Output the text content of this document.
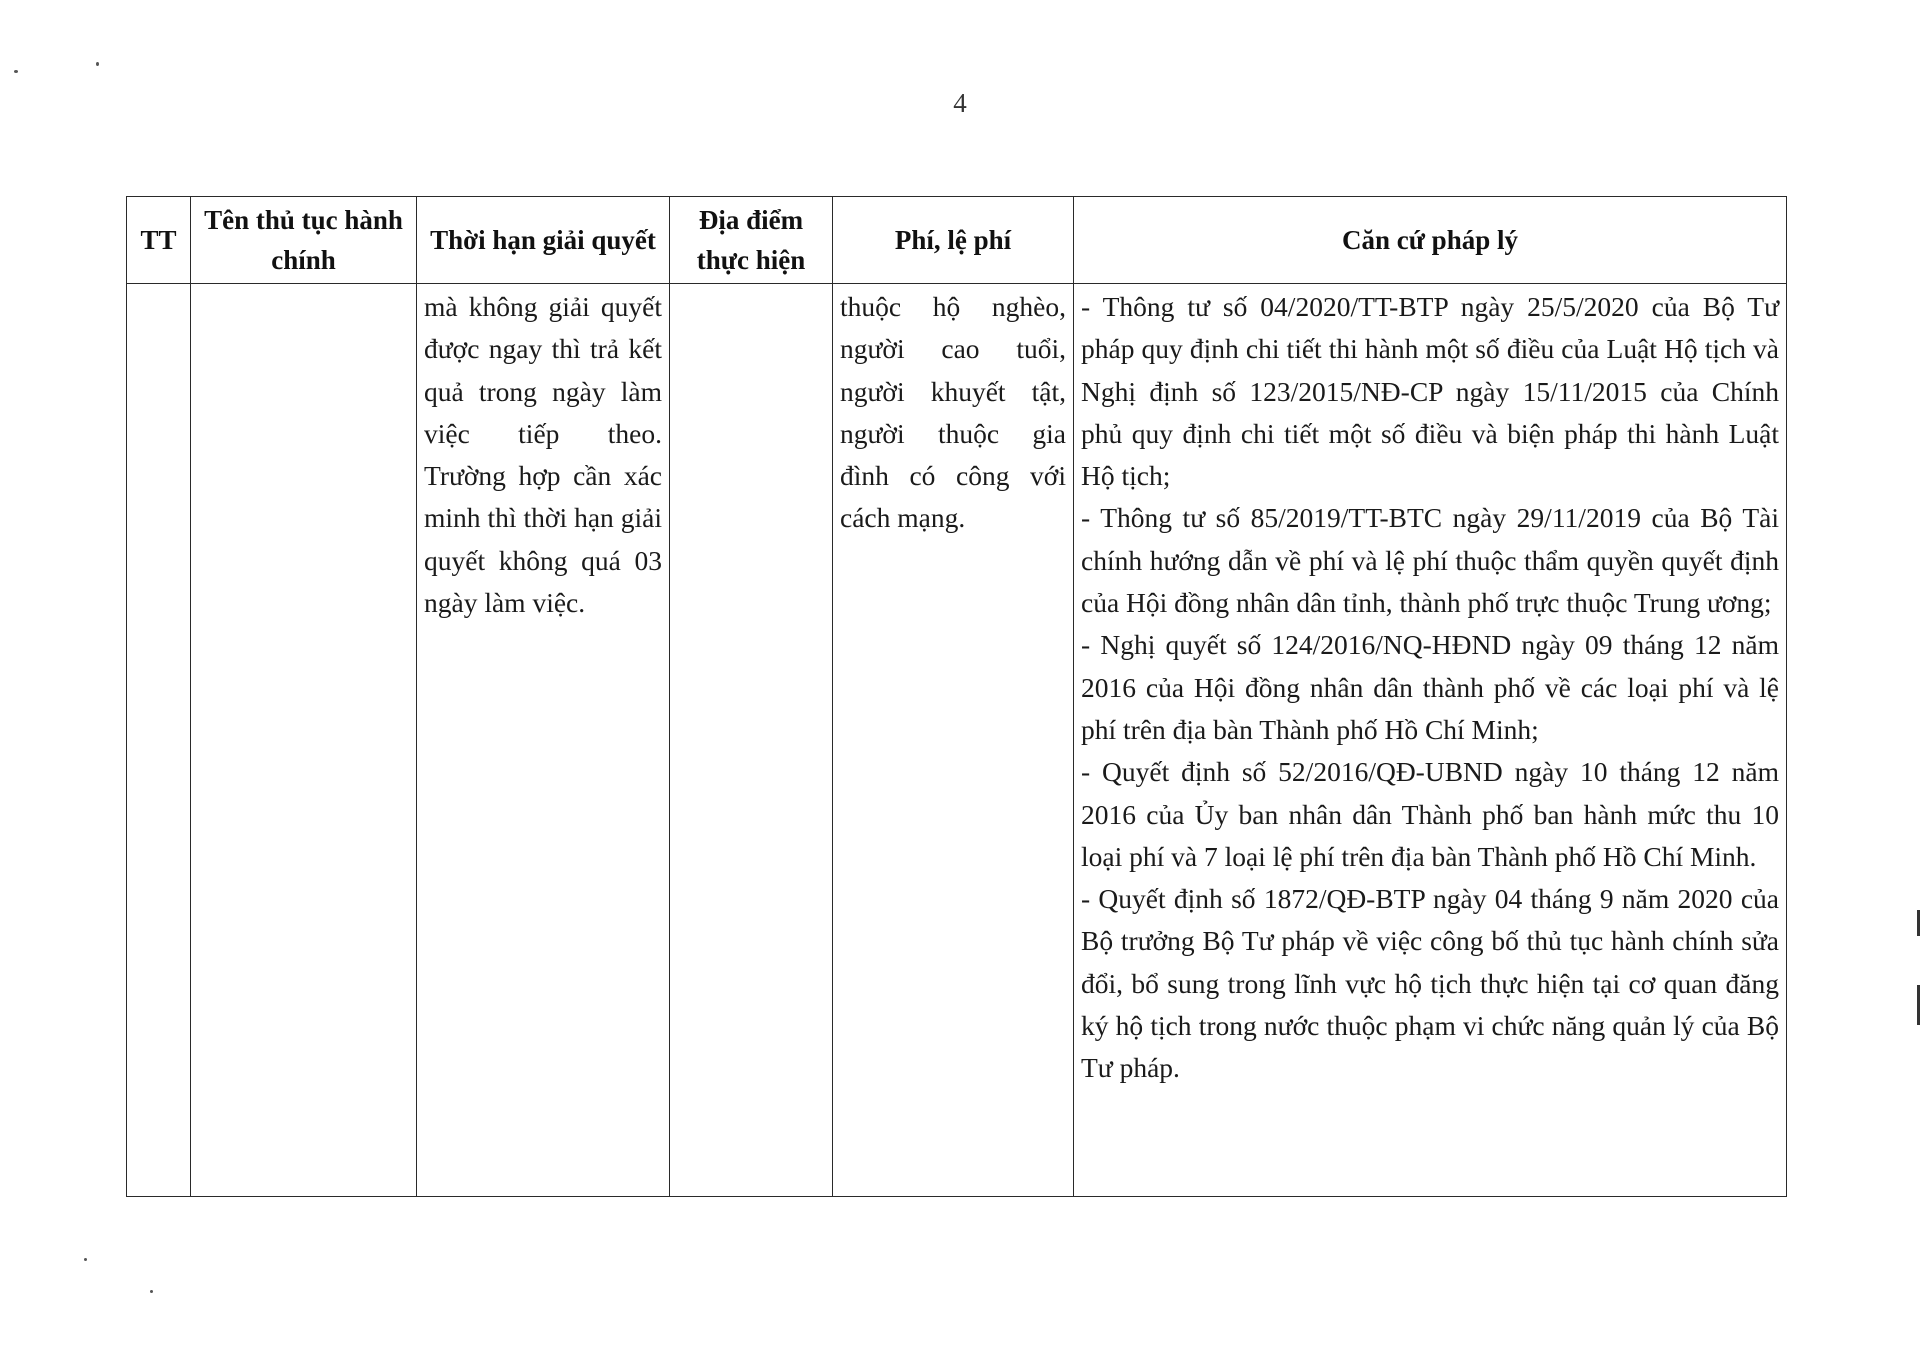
4
TT	Tên thủ tục hành chính	Thời hạn giải quyết	Địa điểm thực hiện	Phí, lệ phí	Căn cứ pháp lý
		mà không giải quyết được ngay thì trả kết quả trong ngày làm việc tiếp theo. Trường hợp cần xác minh thì thời hạn giải quyết không quá 03 ngày làm việc.		thuộc hộ nghèo, người cao tuổi, người khuyết tật, người thuộc gia đình có công với cách mạng.	- Thông tư số 04/2020/TT-BTP ngày 25/5/2020 của Bộ Tư pháp quy định chi tiết thi hành một số điều của Luật Hộ tịch và Nghị định số 123/2015/NĐ-CP ngày 15/11/2015 của Chính phủ quy định chi tiết một số điều và biện pháp thi hành Luật Hộ tịch;
- Thông tư số 85/2019/TT-BTC ngày 29/11/2019 của Bộ Tài chính hướng dẫn về phí và lệ phí thuộc thẩm quyền quyết định của Hội đồng nhân dân tỉnh, thành phố trực thuộc Trung ương;
- Nghị quyết số 124/2016/NQ-HĐND ngày 09 tháng 12 năm 2016 của Hội đồng nhân dân thành phố về các loại phí và lệ phí trên địa bàn Thành phố Hồ Chí Minh;
- Quyết định số 52/2016/QĐ-UBND ngày 10 tháng 12 năm 2016 của Ủy ban nhân dân Thành phố ban hành mức thu 10 loại phí và 7 loại lệ phí trên địa bàn Thành phố Hồ Chí Minh.
- Quyết định số 1872/QĐ-BTP ngày 04 tháng 9 năm 2020 của Bộ trưởng Bộ Tư pháp về việc công bố thủ tục hành chính sửa đổi, bổ sung trong lĩnh vực hộ tịch thực hiện tại cơ quan đăng ký hộ tịch trong nước thuộc phạm vi chức năng quản lý của Bộ Tư pháp.
